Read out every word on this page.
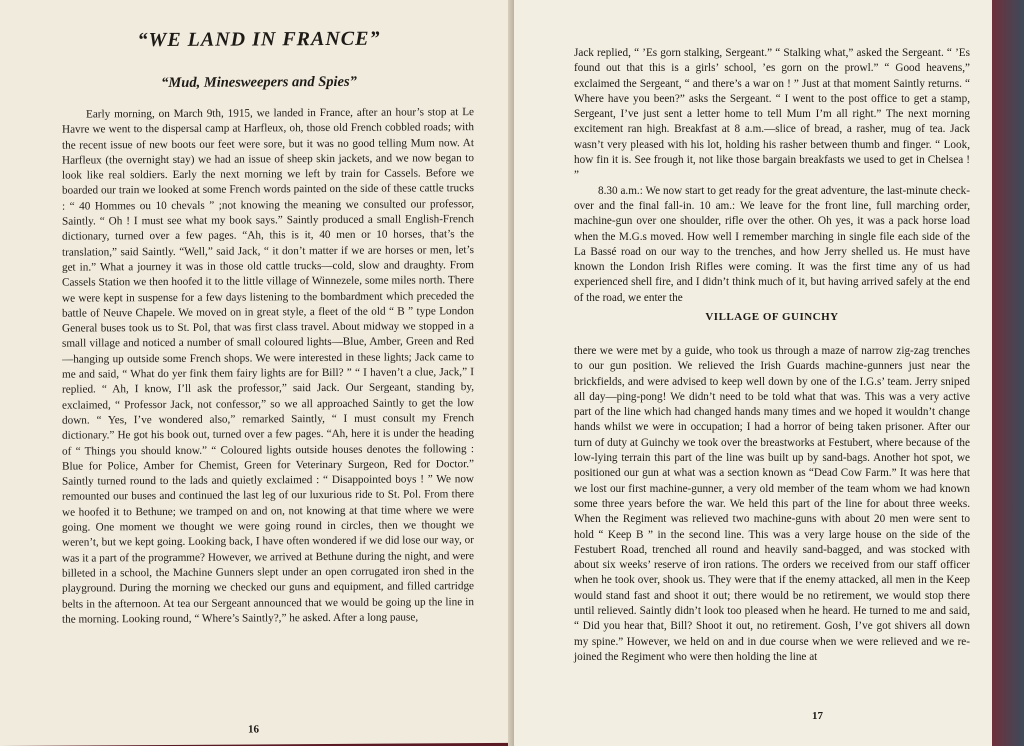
“WE LAND IN FRANCE”
“Mud, Minesweepers and Spies”

Early morning, on March 9th, 1915, we landed in France, after an hour’s stop at Le Havre we went to the dispersal camp at Harfleux, oh, those old French cobbled roads; with the recent issue of new boots our feet were sore, but it was no good telling Mum now. At Harfleux (the overnight stay) we had an issue of sheep skin jackets, and we now began to look like real soldiers. Early the next morning we left by train for Cassels. Before we boarded our train we looked at some French words painted on the side of these cattle trucks : “ 40 Hommes ou 10 chevals ” ;not knowing the meaning we consulted our professor, Saintly. “ Oh ! I must see what my book says.” Saintly produced a small English-French dictionary, turned over a few pages. “Ah, this is it, 40 men or 10 horses, that’s the translation,” said Saintly. “Well,” said Jack, “ it don’t matter if we are horses or men, let’s get in.” What a journey it was in those old cattle trucks—cold, slow and draughty. From Cassels Station we then hoofed it to the little village of Winnezele, some miles north. There we were kept in suspense for a few days listening to the bombardment which preceded the battle of Neuve Chapele. We moved on in great style, a fleet of the old “ B ” type London General buses took us to St. Pol, that was first class travel. About midway we stopped in a small village and noticed a number of small coloured lights—Blue, Amber, Green and Red—hanging up outside some French shops. We were interested in these lights; Jack came to me and said, “ What do yer fink them fairy lights are for Bill? ” “ I haven’t a clue, Jack,” I replied. “ Ah, I know, I’ll ask the professor,” said Jack. Our Sergeant, standing by, exclaimed, “ Professor Jack, not confessor,” so we all approached Saintly to get the low down. “ Yes, I’ve wondered also,” remarked Saintly, “ I must consult my French dictionary.” He got his book out, turned over a few pages. “Ah, here it is under the heading of “ Things you should know.” “ Coloured lights outside houses denotes the following : Blue for Police, Amber for Chemist, Green for Veterinary Surgeon, Red for Doctor.” Saintly turned round to the lads and quietly exclaimed : “ Disappointed boys ! ” We now remounted our buses and continued the last leg of our luxurious ride to St. Pol. From there we hoofed it to Bethune; we tramped on and on, not knowing at that time where we were going. One moment we thought we were going round in circles, then we thought we weren’t, but we kept going. Looking back, I have often wondered if we did lose our way, or was it a part of the programme? However, we arrived at Bethune during the night, and were billeted in a school, the Machine Gunners slept under an open corrugated iron shed in the playground. During the morning we checked our guns and equipment, and filled cartridge belts in the afternoon. At tea our Sergeant announced that we would be going up the line in the morning. Looking round, “ Where’s Saintly?,” he asked. After a long pause,

16

Jack replied, “ ’Es gorn stalking, Sergeant.” “ Stalking what,” asked the Sergeant. “ ’Es found out that this is a girls’ school, ’es gorn on the prowl.” “ Good heavens,” exclaimed the Sergeant, “ and there’s a war on ! ” Just at that moment Saintly returns. “ Where have you been?” asks the Sergeant. “ I went to the post office to get a stamp, Sergeant, I’ve just sent a letter home to tell Mum I’m all right.” The next morning excitement ran high. Breakfast at 8 a.m.—slice of bread, a rasher, mug of tea. Jack wasn’t very pleased with his lot, holding his rasher between thumb and finger. “ Look, how fin it is. See frough it, not like those bargain breakfasts we used to get in Chelsea ! ”

8.30 a.m.: We now start to get ready for the great adventure, the last-minute check-over and the final fall-in. 10 am.: We leave for the front line, full marching order, machine-gun over one shoulder, rifle over the other. Oh yes, it was a pack horse load when the M.G.s moved. How well I remember marching in single file each side of the La Bassé road on our way to the trenches, and how Jerry shelled us. He must have known the London Irish Rifles were coming. It was the first time any of us had experienced shell fire, and I didn’t think much of it, but having arrived safely at the end of the road, we enter the

VILLAGE OF GUINCHY

there we were met by a guide, who took us through a maze of narrow zig-zag trenches to our gun position. We relieved the Irish Guards machine-gunners just near the brickfields, and were advised to keep well down by one of the I.G.s’ team. Jerry sniped all day—ping-pong! We didn’t need to be told what that was. This was a very active part of the line which had changed hands many times and we hoped it wouldn’t change hands whilst we were in occupation; I had a horror of being taken prisoner. After our turn of duty at Guinchy we took over the breastworks at Festubert, where because of the low-lying terrain this part of the line was built up by sand-bags. Another hot spot, we positioned our gun at what was a section known as “Dead Cow Farm.” It was here that we lost our first machine-gunner, a very old member of the team whom we had known some three years before the war. We held this part of the line for about three weeks. When the Regiment was relieved two machine-guns with about 20 men were sent to hold “ Keep B ” in the second line. This was a very large house on the side of the Festubert Road, trenched all round and heavily sand-bagged, and was stocked with about six weeks’ reserve of iron rations. The orders we received from our staff officer when he took over, shook us. They were that if the enemy attacked, all men in the Keep would stand fast and shoot it out; there would be no retirement, we would stop there until relieved. Saintly didn’t look too pleased when he heard. He turned to me and said, “ Did you hear that, Bill? Shoot it out, no retirement. Gosh, I’ve got shivers all down my spine.” However, we held on and in due course when we were relieved and we re-joined the Regiment who were then holding the line at

17
